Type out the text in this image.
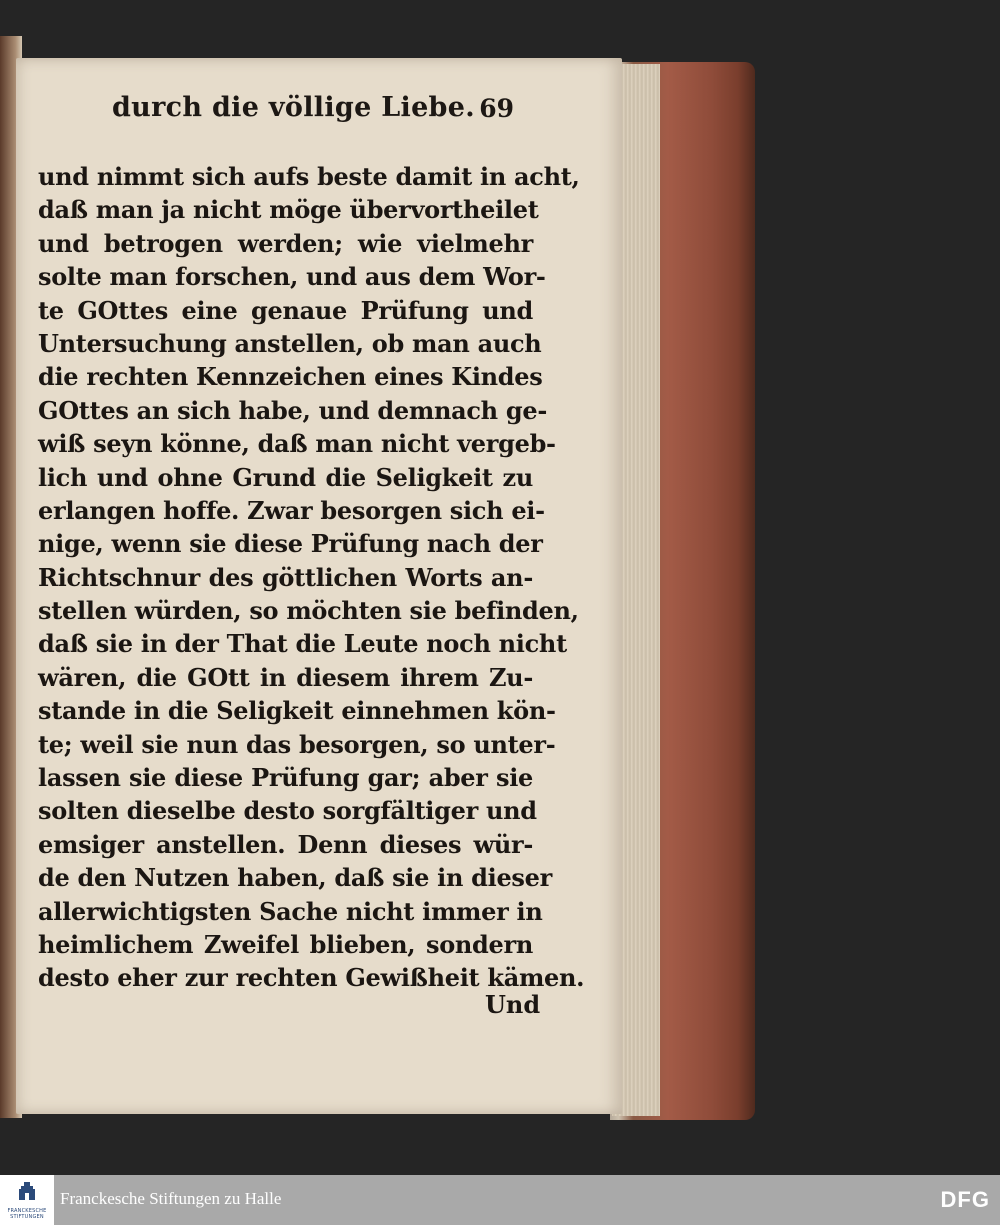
durch die völlige Liebe. 69
und nimmt sich aufs beste damit in acht,
daß man ja nicht möge übervortheilet
und betrogen werden; wie vielmehr
solte man forschen, und aus dem Wor-
te GOttes eine genaue Prüfung und
Untersuchung anstellen, ob man auch
die rechten Kennzeichen eines Kindes
GOttes an sich habe, und demnach ge-
wiß seyn könne, daß man nicht vergeb-
lich und ohne Grund die Seligkeit zu
erlangen hoffe. Zwar besorgen sich ei-
nige, wenn sie diese Prüfung nach der
Richtschnur des göttlichen Worts an-
stellen würden, so möchten sie befinden,
daß sie in der That die Leute noch nicht
wären, die GOtt in diesem ihrem Zu-
stande in die Seligkeit einnehmen kön-
te; weil sie nun das besorgen, so unter-
lassen sie diese Prüfung gar; aber sie
solten dieselbe desto sorgfältiger und
emsiger anstellen. Denn dieses wür-
de den Nutzen haben, daß sie in dieser
allerwichtigsten Sache nicht immer in
heimlichem Zweifel blieben, sondern
desto eher zur rechten Gewißheit kämen.
Und
FRANCKESCHE STIFTUNGEN
Franckesche Stiftungen zu Halle	DFG
